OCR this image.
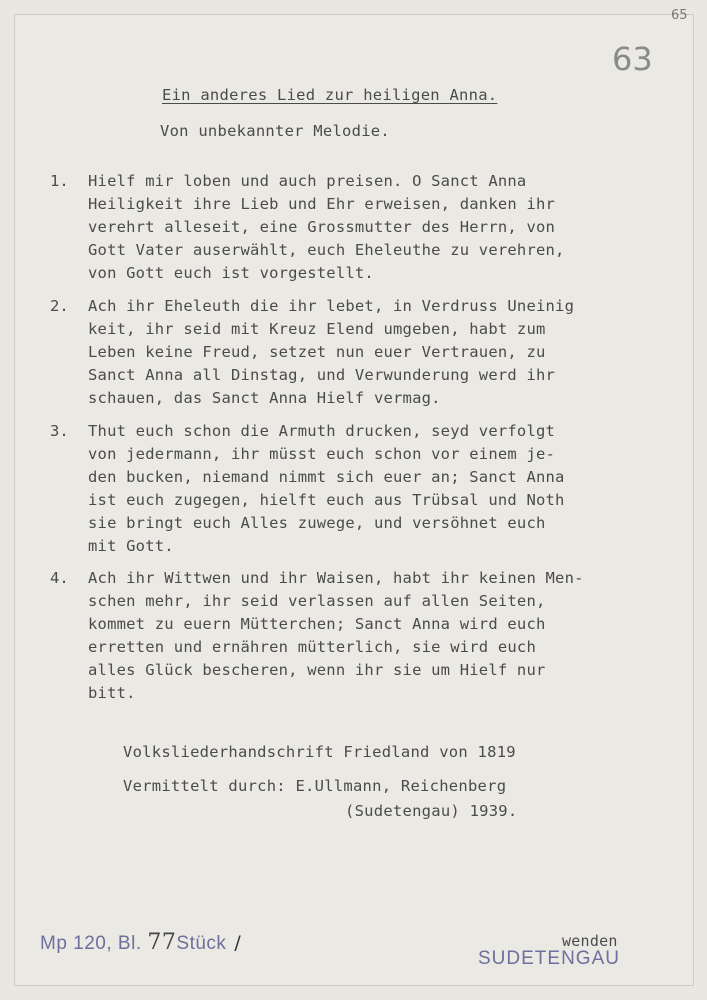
65
63
Ein anderes Lied zur heiligen Anna.
Von unbekannter Melodie.
1. Hielf mir loben und auch preisen. O Sanct Anna
Heiligkeit ihre Lieb und Ehr erweisen, danken ihr
verehrt alleseit, eine Grossmutter des Herrn, von
Gott Vater auserwählt, euch Eheleuthe zu verehren,
von Gott euch ist vorgestellt.
2. Ach ihr Eheleuth die ihr lebet, in Verdruss Uneinig
keit, ihr seid mit Kreuz Elend umgeben, habt zum
Leben keine Freud, setzet nun euer Vertrauen, zu
Sanct Anna all Dinstag, und Verwunderung werd ihr
schauen, das Sanct Anna Hielf vermag.
3. Thut euch schon die Armuth drucken, seyd verfolgt
von jedermann, ihr müsst euch schon vor einem je-
den bucken, niemand nimmt sich euer an; Sanct Anna
ist euch zugegen, hielft euch aus Trübsal und Noth
sie bringt euch Alles zuwege, und versöhnet euch
mit Gott.
4. Ach ihr Wittwen und ihr Waisen, habt ihr keinen Men-
schen mehr, ihr seid verlassen auf allen Seiten,
kommet zu euern Mütterchen; Sanct Anna wird euch
erretten und ernähren mütterlich, sie wird euch
alles Glück bescheren, wenn ihr sie um Hielf nur
bitt.
Volksliederhandschrift Friedland von 1819
Vermittelt durch: E.Ullmann, Reichenberg
(Sudetengau) 1939.
Mp 120, Bl. 77Stück /	wenden
SUDETENGAU
